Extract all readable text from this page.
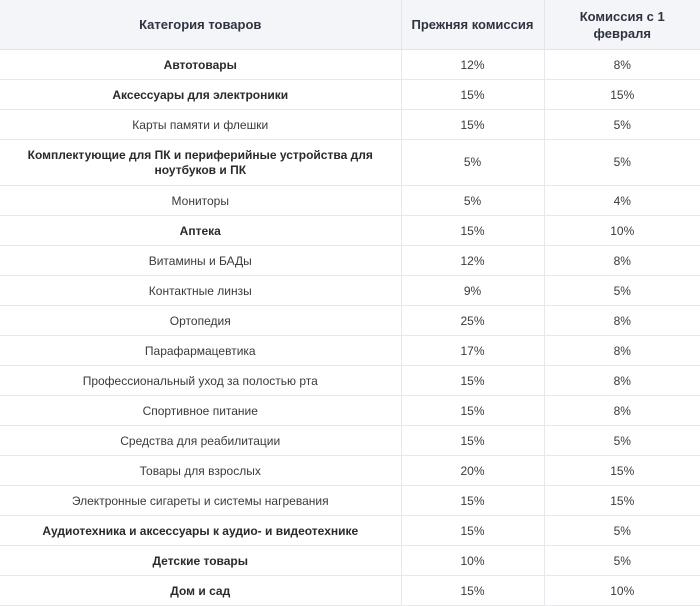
Категория товаров	Прежняя комиссия	Комиссия с 1 февраля
Автотовары	12%	8%
Аксессуары для электроники	15%	15%
Карты памяти и флешки	15%	5%
Комплектующие для ПК и периферийные устройства для ноутбуков и ПК	5%	5%
Мониторы	5%	4%
Аптека	15%	10%
Витамины и БАДы	12%	8%
Контактные линзы	9%	5%
Ортопедия	25%	8%
Парафармацевтика	17%	8%
Профессиональный уход за полостью рта	15%	8%
Спортивное питание	15%	8%
Средства для реабилитации	15%	5%
Товары для взрослых	20%	15%
Электронные сигареты и системы нагревания	15%	15%
Аудиотехника и аксессуары к аудио- и видеотехнике	15%	5%
Детские товары	10%	5%
Дом и сад	15%	10%
